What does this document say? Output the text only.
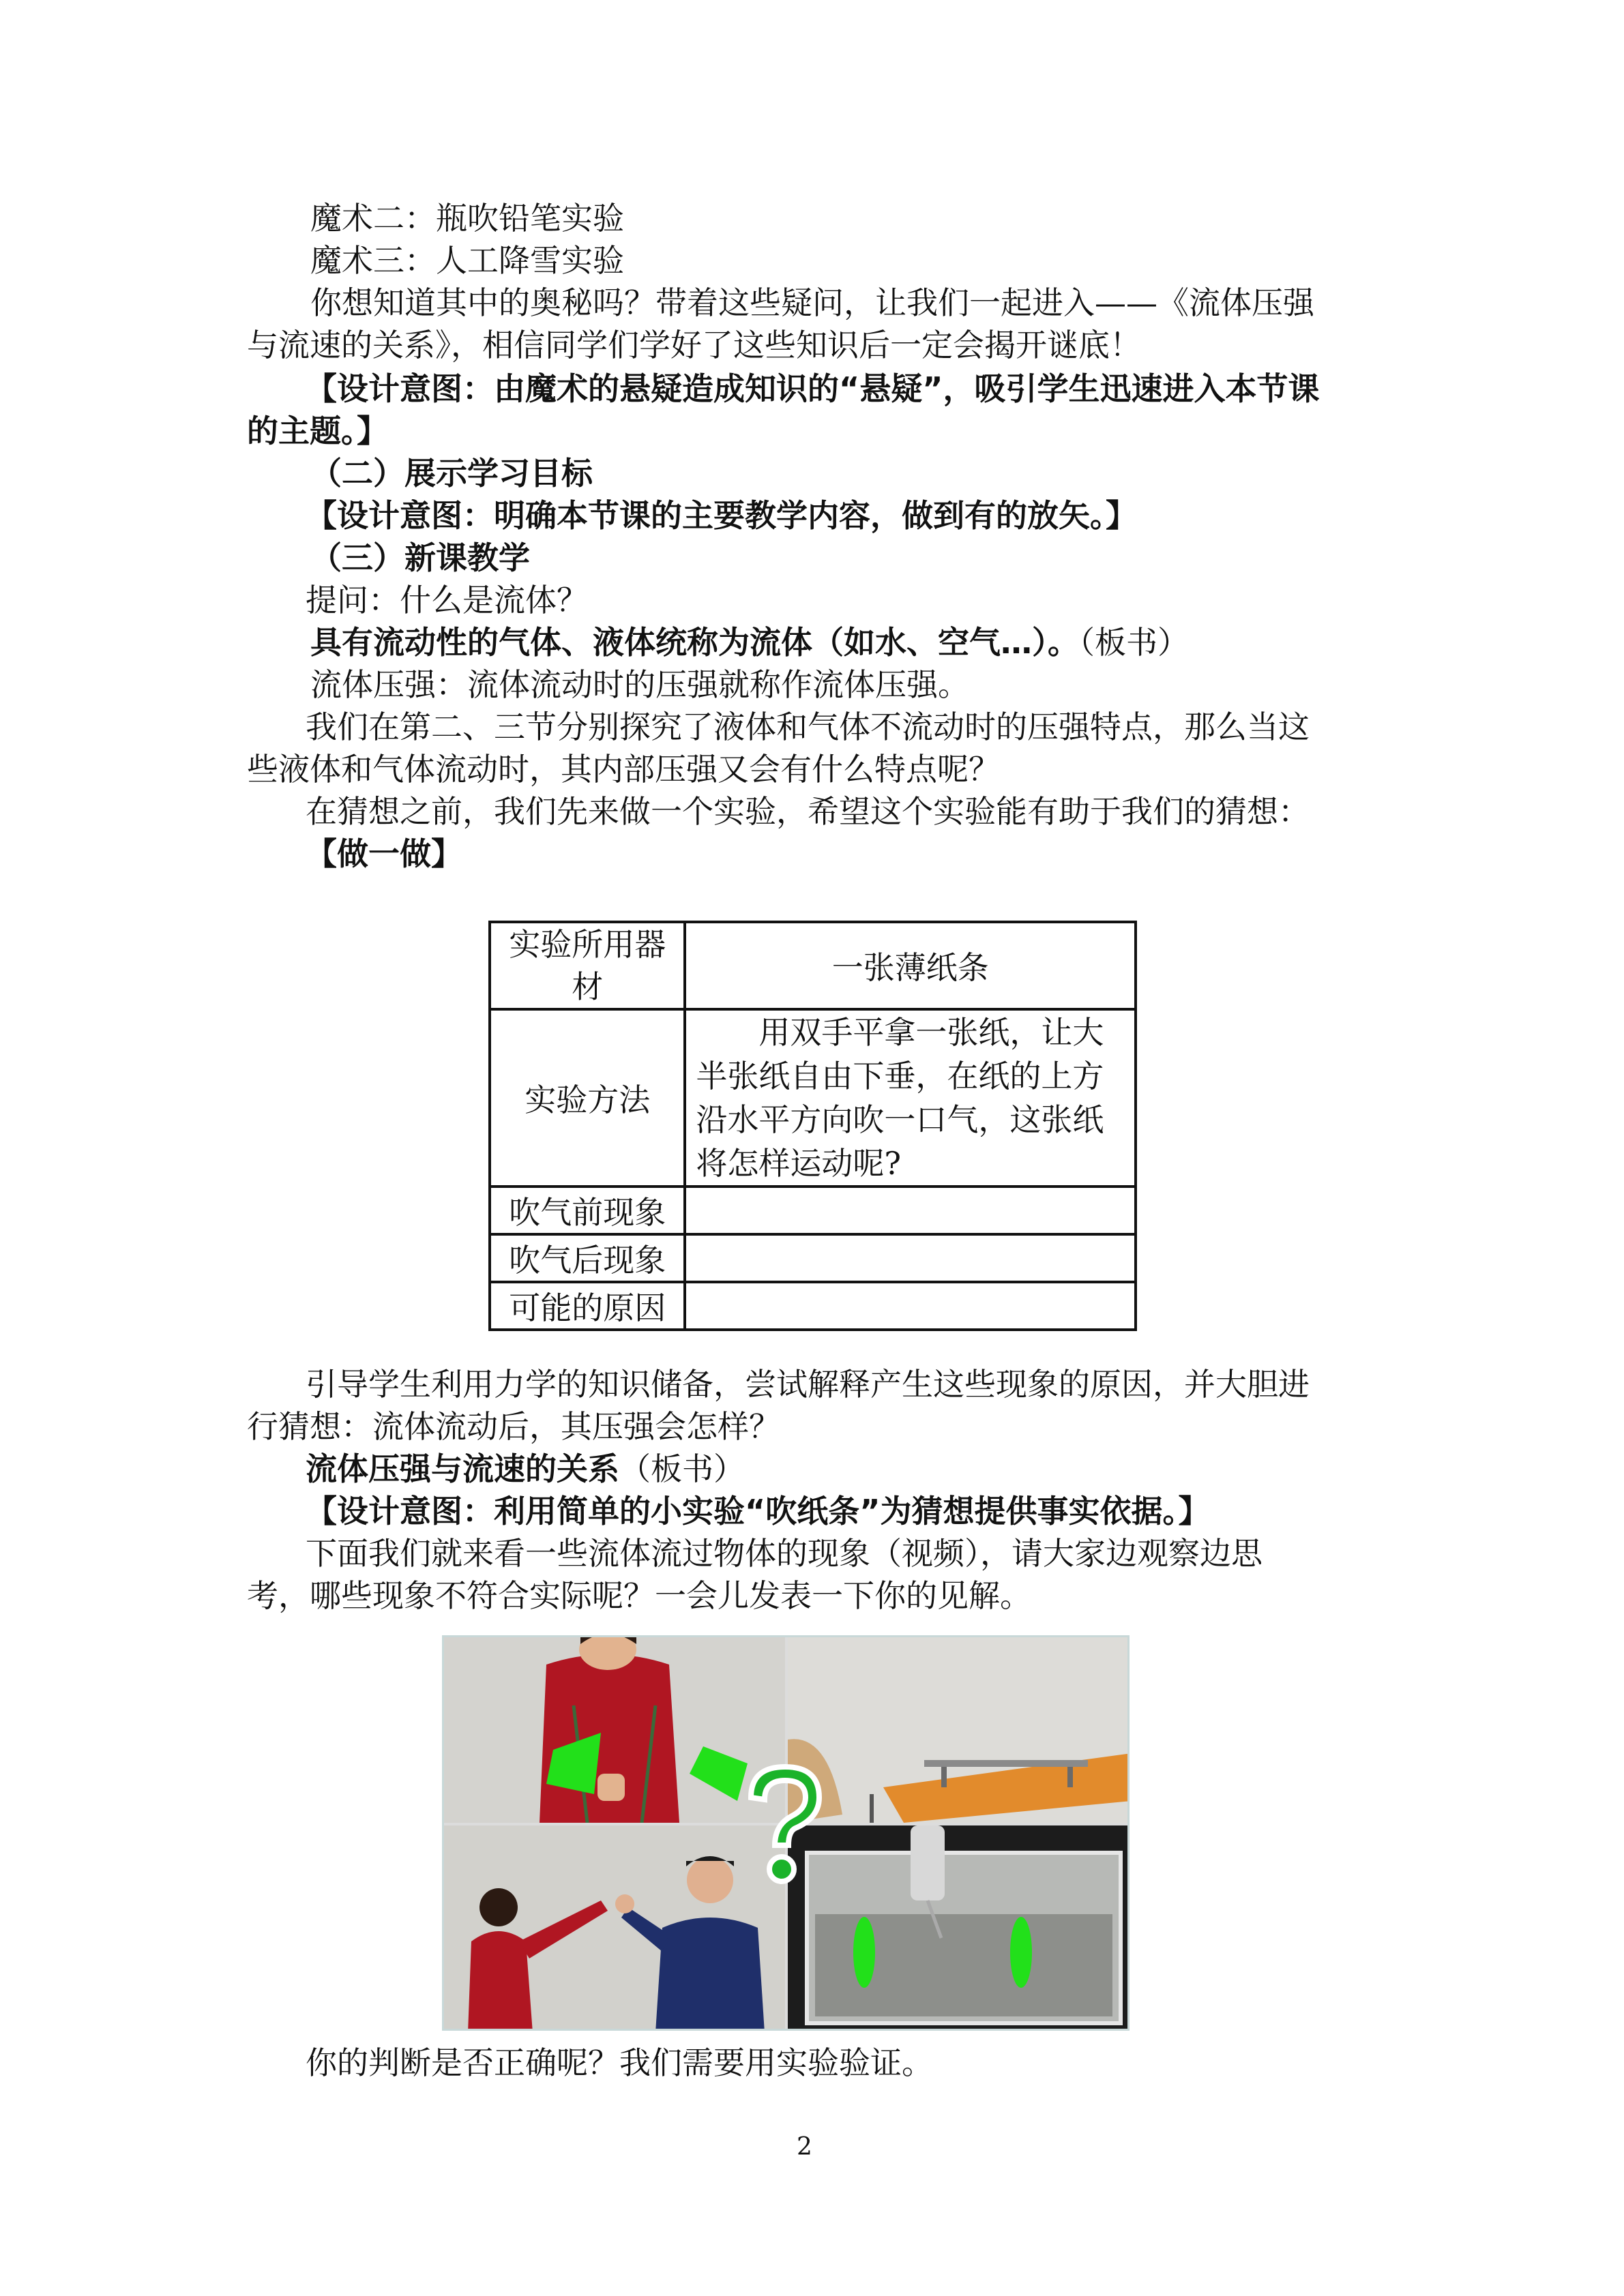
魔术二：瓶吹铅笔实验
魔术三：人工降雪实验
你想知道其中的奥秘吗？带着这些疑问，让我们一起进入——《流体压强
与流速的关系》，相信同学们学好了这些知识后一定会揭开谜底！
【设计意图：由魔术的悬疑造成知识的“悬疑”，吸引学生迅速进入本节课
的主题。】
（二）展示学习目标
【设计意图：明确本节课的主要教学内容，做到有的放矢。】
（三）新课教学
提问：什么是流体？
具有流动性的气体、液体统称为流体（如水、空气…）。（板书）
流体压强：流体流动时的压强就称作流体压强。
我们在第二、三节分别探究了液体和气体不流动时的压强特点，那么当这
些液体和气体流动时，其内部压强又会有什么特点呢？
在猜想之前，我们先来做一个实验，希望这个实验能有助于我们的猜想：
【做一做】
实验所用器材	一张薄纸条
实验方法	用双手平拿一张纸，让大半张纸自由下垂，在纸的上方沿水平方向吹一口气，这张纸将怎样运动呢?
吹气前现象	
吹气后现象	
可能的原因	
引导学生利用力学的知识储备，尝试解释产生这些现象的原因，并大胆进
行猜想：流体流动后，其压强会怎样？
流体压强与流速的关系（板书）
【设计意图：利用简单的小实验“吹纸条”为猜想提供事实依据。】
下面我们就来看一些流体流过物体的现象（视频），请大家边观察边思
考，哪些现象不符合实际呢？一会儿发表一下你的见解。
你的判断是否正确呢？我们需要用实验验证。
2
